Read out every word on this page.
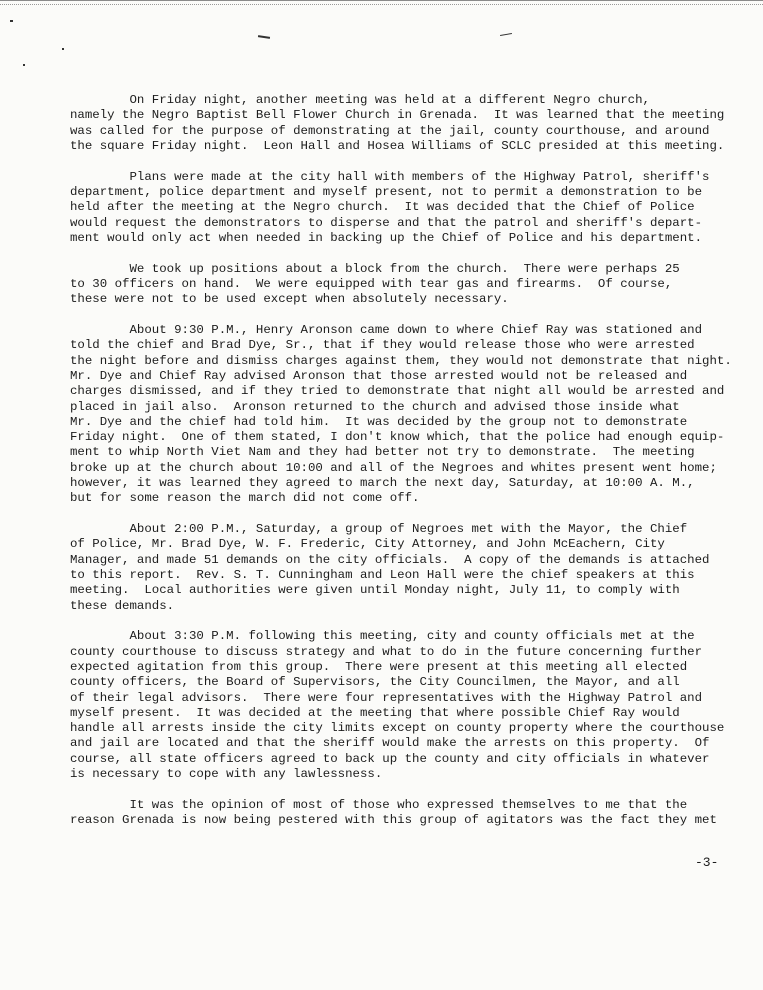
On Friday night, another meeting was held at a different Negro church,
namely the Negro Baptist Bell Flower Church in Grenada.  It was learned that the meeting
was called for the purpose of demonstrating at the jail, county courthouse, and around
the square Friday night.  Leon Hall and Hosea Williams of SCLC presided at this meeting.
Plans were made at the city hall with members of the Highway Patrol, sheriff's
department, police department and myself present, not to permit a demonstration to be
held after the meeting at the Negro church.  It was decided that the Chief of Police
would request the demonstrators to disperse and that the patrol and sheriff's depart-
ment would only act when needed in backing up the Chief of Police and his department.
We took up positions about a block from the church.  There were perhaps 25
to 30 officers on hand.  We were equipped with tear gas and firearms.  Of course,
these were not to be used except when absolutely necessary.
About 9:30 P.M., Henry Aronson came down to where Chief Ray was stationed and
told the chief and Brad Dye, Sr., that if they would release those who were arrested
the night before and dismiss charges against them, they would not demonstrate that night.
Mr. Dye and Chief Ray advised Aronson that those arrested would not be released and
charges dismissed, and if they tried to demonstrate that night all would be arrested and
placed in jail also.  Aronson returned to the church and advised those inside what
Mr. Dye and the chief had told him.  It was decided by the group not to demonstrate
Friday night.  One of them stated, I don't know which, that the police had enough equip-
ment to whip North Viet Nam and they had better not try to demonstrate.  The meeting
broke up at the church about 10:00 and all of the Negroes and whites present went home;
however, it was learned they agreed to march the next day, Saturday, at 10:00 A. M.,
but for some reason the march did not come off.
About 2:00 P.M., Saturday, a group of Negroes met with the Mayor, the Chief
of Police, Mr. Brad Dye, W. F. Frederic, City Attorney, and John McEachern, City
Manager, and made 51 demands on the city officials.  A copy of the demands is attached
to this report.  Rev. S. T. Cunningham and Leon Hall were the chief speakers at this
meeting.  Local authorities were given until Monday night, July 11, to comply with
these demands.
About 3:30 P.M. following this meeting, city and county officials met at the
county courthouse to discuss strategy and what to do in the future concerning further
expected agitation from this group.  There were present at this meeting all elected
county officers, the Board of Supervisors, the City Councilmen, the Mayor, and all
of their legal advisors.  There were four representatives with the Highway Patrol and
myself present.  It was decided at the meeting that where possible Chief Ray would
handle all arrests inside the city limits except on county property where the courthouse
and jail are located and that the sheriff would make the arrests on this property.  Of
course, all state officers agreed to back up the county and city officials in whatever
is necessary to cope with any lawlessness.
It was the opinion of most of those who expressed themselves to me that the
reason Grenada is now being pestered with this group of agitators was the fact they met
-3-
